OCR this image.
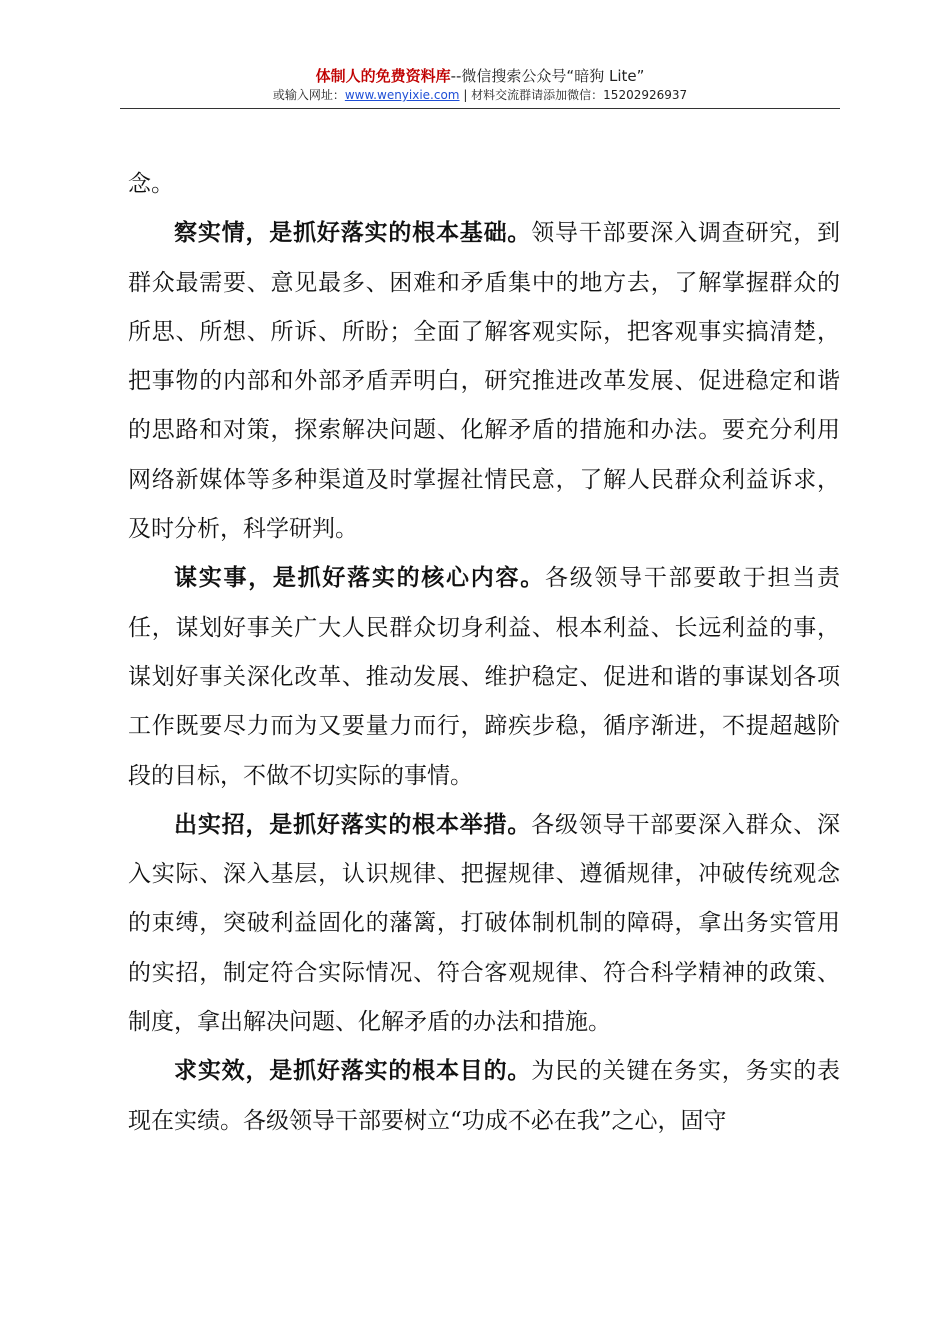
体制人的免费资料库--微信搜索公众号“暗狗 Lite”
或输入网址：www.wenyixie.com | 材料交流群请添加微信：15202926937

念。

察实情，是抓好落实的根本基础。领导干部要深入调查研究，到群众最需要、意见最多、困难和矛盾集中的地方去，了解掌握群众的所思、所想、所诉、所盼；全面了解客观实际，把客观事实搞清楚，把事物的内部和外部矛盾弄明白，研究推进改革发展、促进稳定和谐的思路和对策，探索解决问题、化解矛盾的措施和办法。要充分利用网络新媒体等多种渠道及时掌握社情民意，了解人民群众利益诉求，及时分析，科学研判。

谋实事，是抓好落实的核心内容。各级领导干部要敢于担当责任，谋划好事关广大人民群众切身利益、根本利益、长远利益的事，谋划好事关深化改革、推动发展、维护稳定、促进和谐的事谋划各项工作既要尽力而为又要量力而行，蹄疾步稳，循序渐进，不提超越阶段的目标，不做不切实际的事情。

出实招，是抓好落实的根本举措。各级领导干部要深入群众、深入实际、深入基层，认识规律、把握规律、遵循规律，冲破传统观念的束缚，突破利益固化的藩篱，打破体制机制的障碍，拿出务实管用的实招，制定符合实际情况、符合客观规律、符合科学精神的政策、制度，拿出解决问题、化解矛盾的办法和措施。

求实效，是抓好落实的根本目的。为民的关键在务实，务实的表现在实绩。各级领导干部要树立“功成不必在我”之心，固守
